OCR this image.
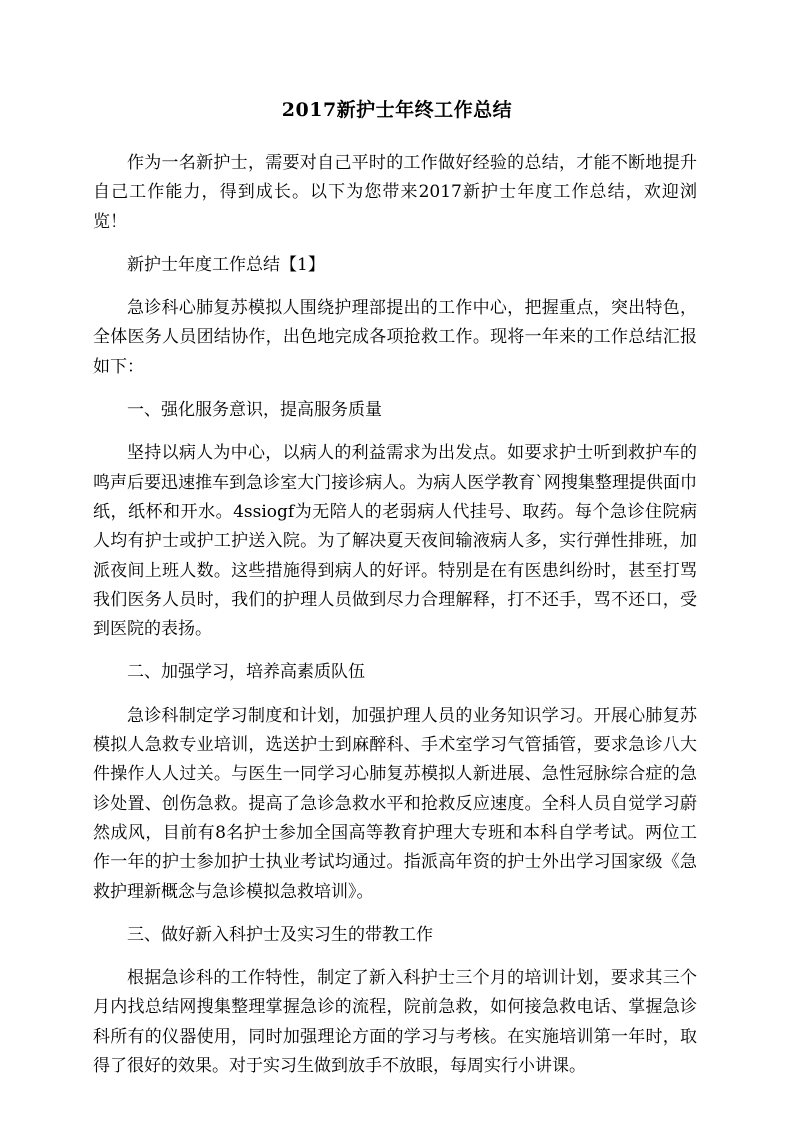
2017新护士年终工作总结

作为一名新护士，需要对自己平时的工作做好经验的总结，才能不断地提升自己工作能力，得到成长。以下为您带来2017新护士年度工作总结，欢迎浏览！

新护士年度工作总结【1】

急诊科心肺复苏模拟人围绕护理部提出的工作中心，把握重点，突出特色，全体医务人员团结协作，出色地完成各项抢救工作。现将一年来的工作总结汇报如下：

一、强化服务意识，提高服务质量

坚持以病人为中心，以病人的利益需求为出发点。如要求护士听到救护车的鸣声后要迅速推车到急诊室大门接诊病人。为病人医学教育`网搜集整理提供面巾纸，纸杯和开水。4ssiogf为无陪人的老弱病人代挂号、取药。每个急诊住院病人均有护士或护工护送入院。为了解决夏天夜间输液病人多，实行弹性排班，加派夜间上班人数。这些措施得到病人的好评。特别是在有医患纠纷时，甚至打骂我们医务人员时，我们的护理人员做到尽力合理解释，打不还手，骂不还口，受到医院的表扬。

二、加强学习，培养高素质队伍

急诊科制定学习制度和计划，加强护理人员的业务知识学习。开展心肺复苏模拟人急救专业培训，选送护士到麻醉科、手术室学习气管插管，要求急诊八大件操作人人过关。与医生一同学习心肺复苏模拟人新进展、急性冠脉综合症的急诊处置、创伤急救。提高了急诊急救水平和抢救反应速度。全科人员自觉学习蔚然成风，目前有8名护士参加全国高等教育护理大专班和本科自学考试。两位工作一年的护士参加护士执业考试均通过。指派高年资的护士外出学习国家级《急救护理新概念与急诊模拟急救培训》。

三、做好新入科护士及实习生的带教工作

根据急诊科的工作特性，制定了新入科护士三个月的培训计划，要求其三个月内找总结网搜集整理掌握急诊的流程，院前急救，如何接急救电话、掌握急诊科所有的仪器使用，同时加强理论方面的学习与考核。在实施培训第一年时，取得了很好的效果。对于实习生做到放手不放眼，每周实行小讲课。
